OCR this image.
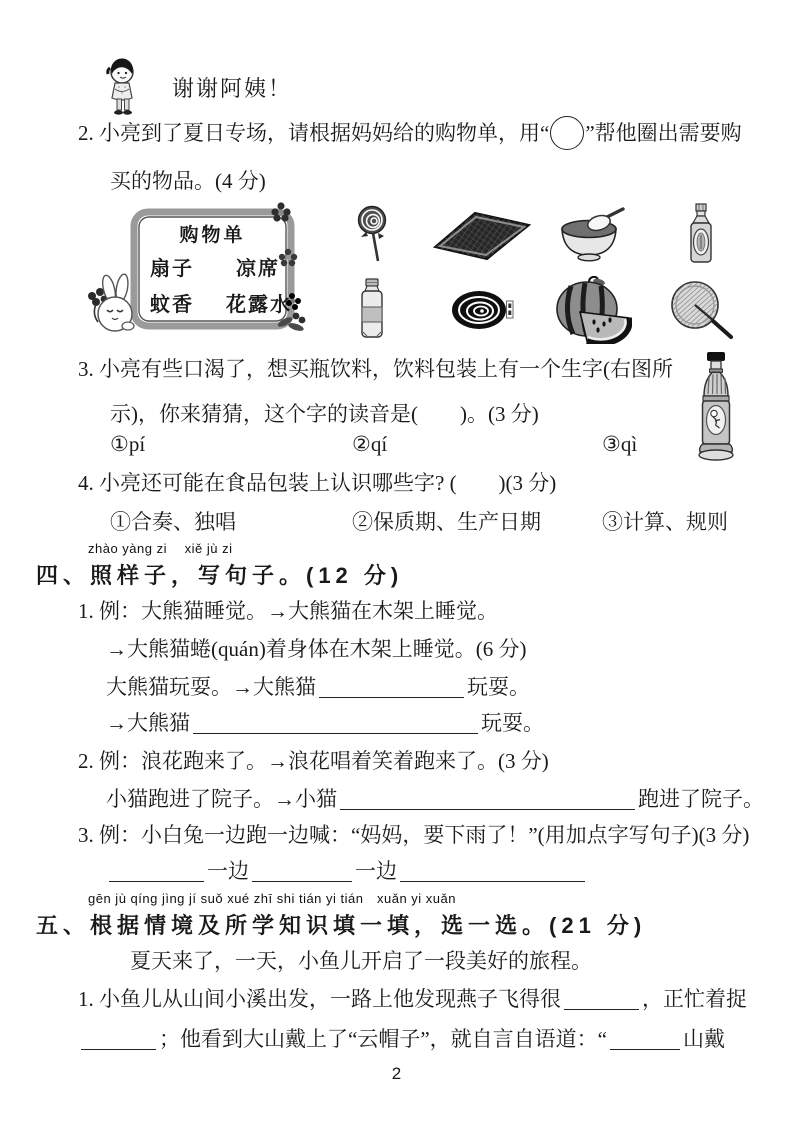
谢谢阿姨！
2. 小亮到了夏日专场，请根据妈妈给的购物单，用“ ”帮他圈出需要购
买的物品。(4 分)
购物单
扇子 凉席
蚊香 花露水
3. 小亮有些口渴了，想买瓶饮料，饮料包装上有一个生字(右图所
示)，你来猜猜，这个字的读音是(　　)。(3 分)
①pí	②qí	③qì
4. 小亮还可能在食品包装上认识哪些字? (　　)(3 分)
①合奏、独唱	②保质期、生产日期	③计算、规则
zhào yàng zi　 xiě jù zi
四、照样子，写句子。(12 分)
1. 例：大熊猫睡觉。→大熊猫在木架上睡觉。
→大熊猫蜷(quán)着身体在木架上睡觉。(6 分)
大熊猫玩耍。→大熊猫	玩耍。
→大熊猫	玩耍。
2. 例：浪花跑来了。→浪花唱着笑着跑来了。(3 分)
小猫跑进了院子。→小猫	跑进了院子。
3. 例：小白兔一边跑一边喊：“妈妈，要下雨了！”(用加点字写句子)(3 分)
一边	一边
gēn jù qíng jìng jí suǒ xué zhī shi tián yi tián　xuǎn yi xuǎn
五、根据情境及所学知识填一填，选一选。(21 分)
夏天来了，一天，小鱼儿开启了一段美好的旅程。
1. 小鱼儿从山间小溪出发，一路上他发现燕子飞得很	，正忙着捉
；他看到大山戴上了“云帽子”，就自言自语道：“	山戴
2
